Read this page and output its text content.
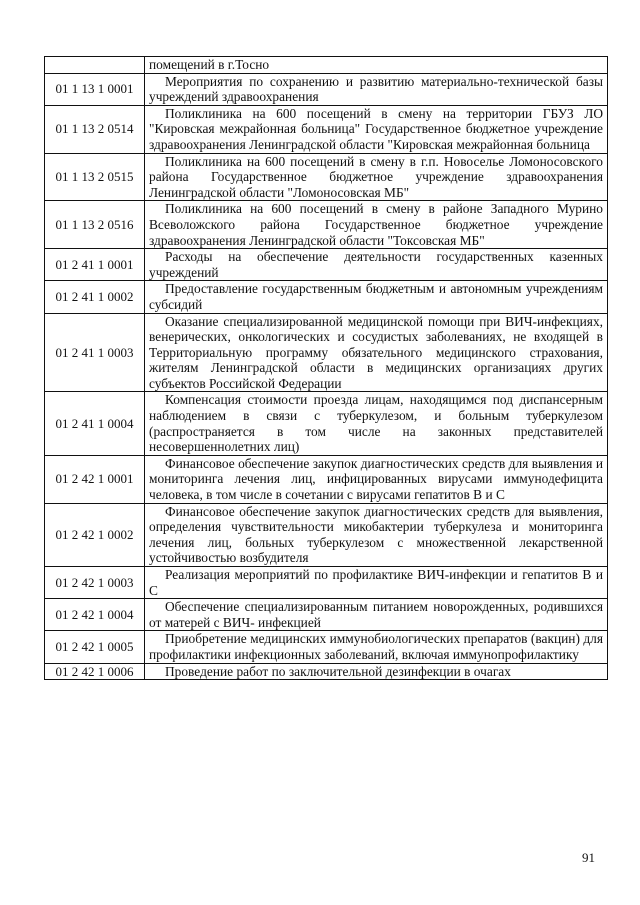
	помещений в г.Тосно
01 1 13 1 0001	Мероприятия по сохранению и развитию материально-технической базы учреждений здравоохранения
01 1 13 2 0514	Поликлиника на 600 посещений в смену на территории ГБУЗ ЛО "Кировская межрайонная больница" Государственное бюджетное учреждение здравоохранения Ленинградской области "Кировская межрайонная больница
01 1 13 2 0515	Поликлиника на 600 посещений в смену в г.п. Новоселье Ломоносовского района Государственное бюджетное учреждение здравоохранения Ленинградской области "Ломоносовская МБ"
01 1 13 2 0516	Поликлиника на 600 посещений в смену в районе Западного Мурино Всеволожского района Государственное бюджетное учреждение здравоохранения Ленинградской области "Токсовская МБ"
01 2 41 1 0001	Расходы на обеспечение деятельности государственных казенных учреждений
01 2 41 1 0002	Предоставление государственным бюджетным и автономным учреждениям субсидий
01 2 41 1 0003	Оказание специализированной медицинской помощи при ВИЧ-инфекциях, венерических, онкологических и сосудистых заболеваниях, не входящей в Территориальную программу обязательного медицинского страхования, жителям Ленинградской области в медицинских организациях других субъектов Российской Федерации
01 2 41 1 0004	Компенсация стоимости проезда лицам, находящимся под диспансерным наблюдением в связи с туберкулезом, и больным туберкулезом (распространяется в том числе на законных представителей несовершеннолетних лиц)
01 2 42 1 0001	Финансовое обеспечение закупок диагностических средств для выявления и мониторинга лечения лиц, инфицированных вирусами иммунодефицита человека, в том числе в сочетании с вирусами гепатитов В и С
01 2 42 1 0002	Финансовое обеспечение закупок диагностических средств для выявления, определения чувствительности микобактерии туберкулеза и мониторинга лечения лиц, больных туберкулезом с множественной лекарственной устойчивостью возбудителя
01 2 42 1 0003	Реализация мероприятий по профилактике ВИЧ-инфекции и гепатитов В и С
01 2 42 1 0004	Обеспечение специализированным питанием новорожденных, родившихся от матерей с ВИЧ- инфекцией
01 2 42 1 0005	Приобретение медицинских иммунобиологических препаратов (вакцин) для профилактики инфекционных заболеваний, включая иммунопрофилактику
01 2 42 1 0006	Проведение работ по заключительной дезинфекции в очагах
91
